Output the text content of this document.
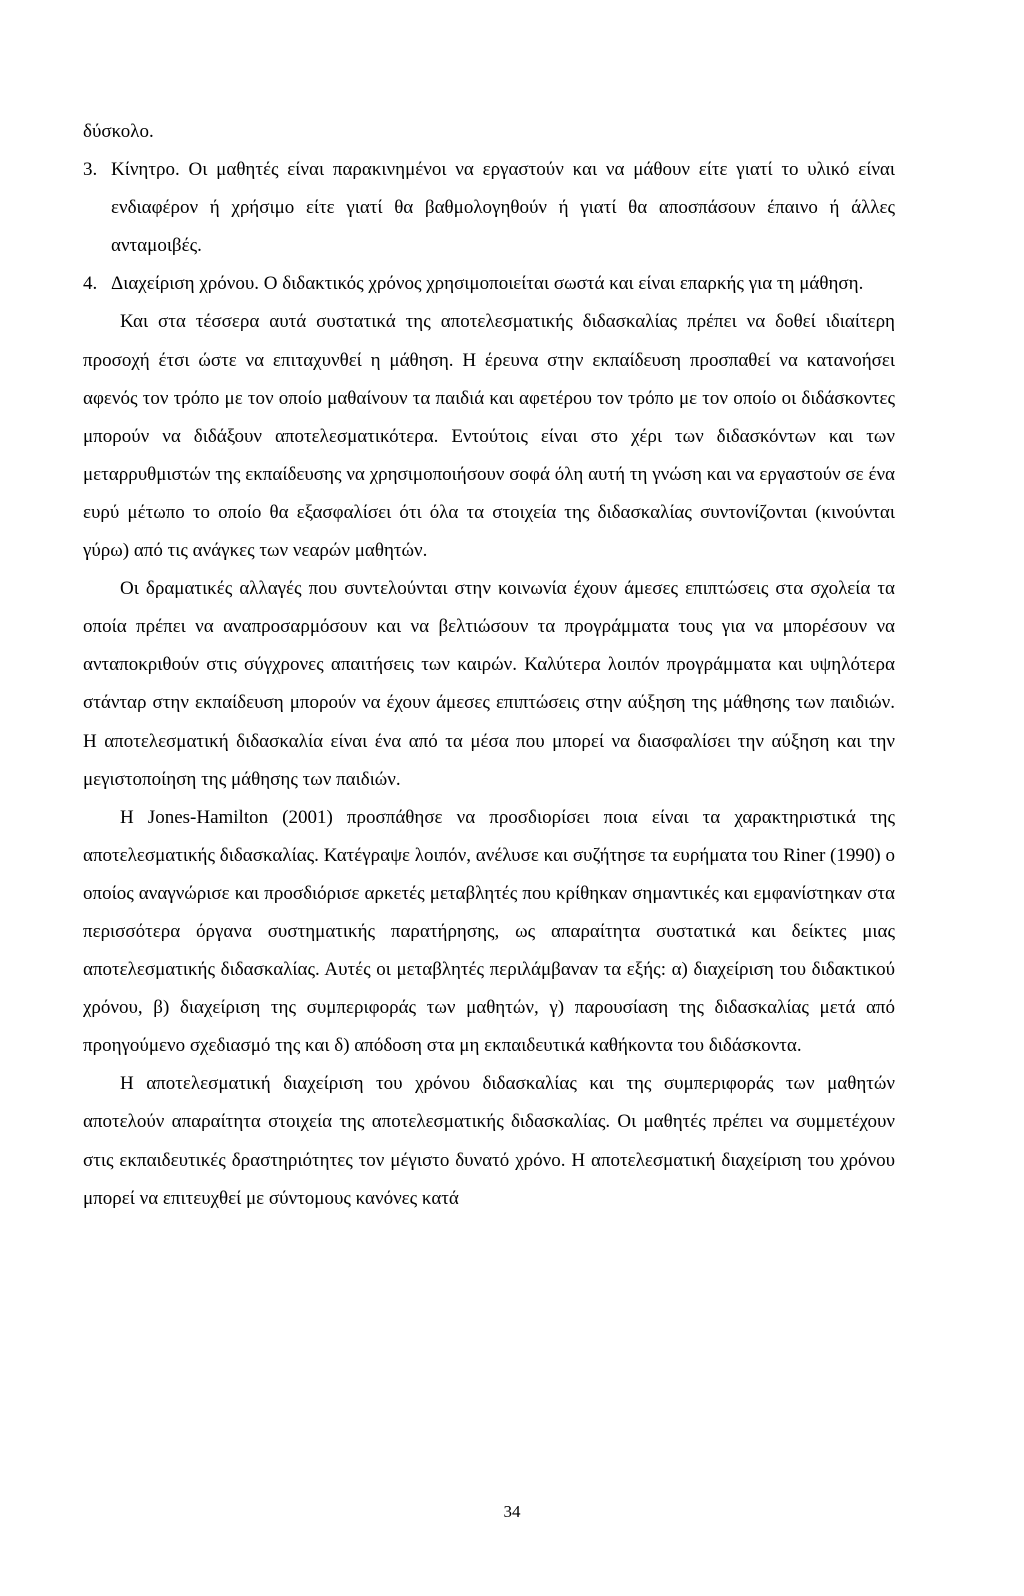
δύσκολο.

3. Κίνητρο. Οι μαθητές είναι παρακινημένοι να εργαστούν και να μάθουν είτε γιατί το υλικό είναι ενδιαφέρον ή χρήσιμο είτε γιατί θα βαθμολογηθούν ή γιατί θα αποσπάσουν έπαινο ή άλλες ανταμοιβές.
4. Διαχείριση χρόνου. Ο διδακτικός χρόνος χρησιμοποιείται σωστά και είναι επαρκής για τη μάθηση.

Και στα τέσσερα αυτά συστατικά της αποτελεσματικής διδασκαλίας πρέπει να δοθεί ιδιαίτερη προσοχή έτσι ώστε να επιταχυνθεί η μάθηση. Η έρευνα στην εκπαίδευση προσπαθεί να κατανοήσει αφενός τον τρόπο με τον οποίο μαθαίνουν τα παιδιά και αφετέρου τον τρόπο με τον οποίο οι διδάσκοντες μπορούν να διδάξουν αποτελεσματικότερα. Εντούτοις είναι στο χέρι των διδασκόντων και των μεταρρυθμιστών της εκπαίδευσης να χρησιμοποιήσουν σοφά όλη αυτή τη γνώση και να εργαστούν σε ένα ευρύ μέτωπο το οποίο θα εξασφαλίσει ότι όλα τα στοιχεία της διδασκαλίας συντονίζονται (κινούνται γύρω) από τις ανάγκες των νεαρών μαθητών.

Οι δραματικές αλλαγές που συντελούνται στην κοινωνία έχουν άμεσες επιπτώσεις στα σχολεία τα οποία πρέπει να αναπροσαρμόσουν και να βελτιώσουν τα προγράμματα τους για να μπορέσουν να ανταποκριθούν στις σύγχρονες απαιτήσεις των καιρών. Καλύτερα λοιπόν προγράμματα και υψηλότερα στάνταρ στην εκπαίδευση μπορούν να έχουν άμεσες επιπτώσεις στην αύξηση της μάθησης των παιδιών. Η αποτελεσματική διδασκαλία είναι ένα από τα μέσα που μπορεί να διασφαλίσει την αύξηση και την μεγιστοποίηση της μάθησης των παιδιών.

Η Jones-Hamilton (2001) προσπάθησε να προσδιορίσει ποια είναι τα χαρακτηριστικά της αποτελεσματικής διδασκαλίας. Κατέγραψε λοιπόν, ανέλυσε και συζήτησε τα ευρήματα του Riner (1990) ο οποίος αναγνώρισε και προσδιόρισε αρκετές μεταβλητές που κρίθηκαν σημαντικές και εμφανίστηκαν στα περισσότερα όργανα συστηματικής παρατήρησης, ως απαραίτητα συστατικά και δείκτες μιας αποτελεσματικής διδασκαλίας. Αυτές οι μεταβλητές περιλάμβαναν τα εξής: α) διαχείριση του διδακτικού χρόνου, β) διαχείριση της συμπεριφοράς των μαθητών, γ) παρουσίαση της διδασκαλίας μετά από προηγούμενο σχεδιασμό της και δ) απόδοση στα μη εκπαιδευτικά καθήκοντα του διδάσκοντα.

Η αποτελεσματική διαχείριση του χρόνου διδασκαλίας και της συμπεριφοράς των μαθητών αποτελούν απαραίτητα στοιχεία της αποτελεσματικής διδασκαλίας. Οι μαθητές πρέπει να συμμετέχουν στις εκπαιδευτικές δραστηριότητες τον μέγιστο δυνατό χρόνο. Η αποτελεσματική διαχείριση του χρόνου μπορεί να επιτευχθεί με σύντομους κανόνες κατά

34
